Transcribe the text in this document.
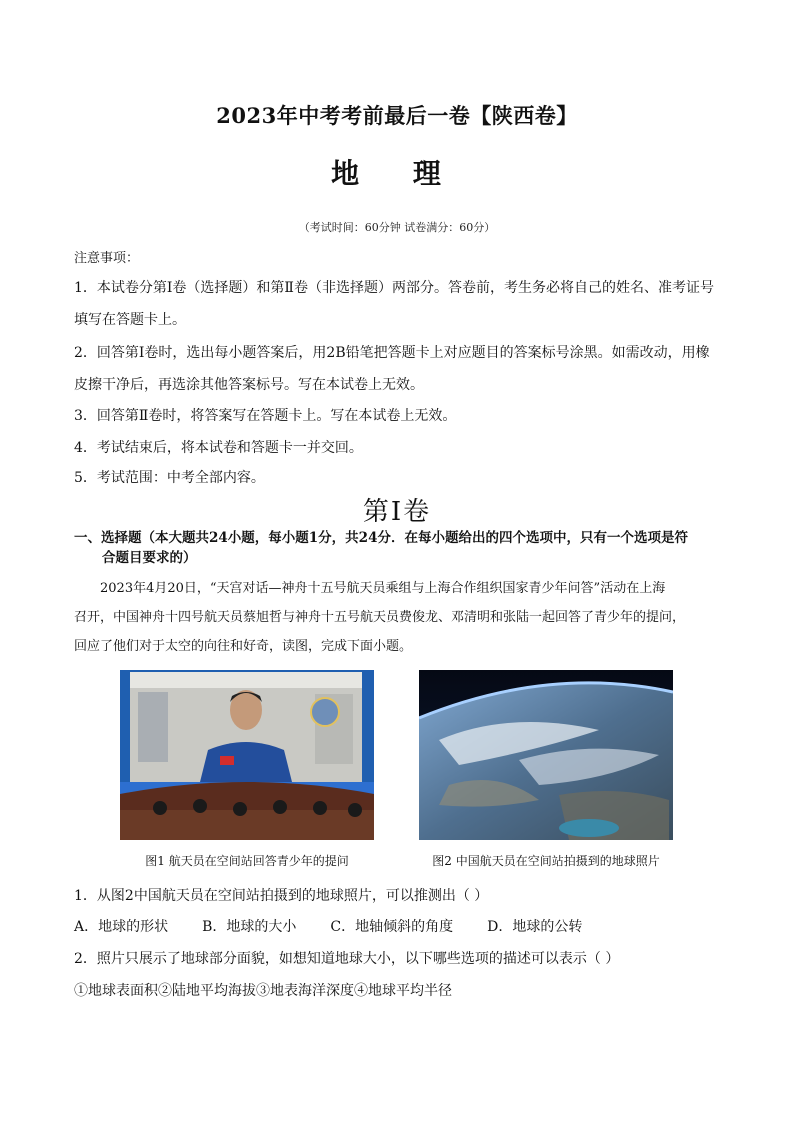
2023年中考考前最后一卷【陕西卷】
地 理
（考试时间：60分钟 试卷满分：60分）
注意事项：
1．本试卷分第Ⅰ卷（选择题）和第Ⅱ卷（非选择题）两部分。答卷前，考生务必将自己的姓名、准考证号
填写在答题卡上。
2．回答第Ⅰ卷时，选出每小题答案后，用2B铅笔把答题卡上对应题目的答案标号涂黑。如需改动，用橡
皮擦干净后，再选涂其他答案标号。写在本试卷上无效。
3．回答第Ⅱ卷时，将答案写在答题卡上。写在本试卷上无效。
4．考试结束后，将本试卷和答题卡一并交回。
5．考试范围：中考全部内容。
第Ⅰ卷
一、选择题（本大题共24小题，每小题1分，共24分．在每小题给出的四个选项中，只有一个选项是符
合题目要求的）
2023年4月20日，“天宫对话—神舟十五号航天员乘组与上海合作组织国家青少年问答”活动在上海
召开，中国神舟十四号航天员蔡旭哲与神舟十五号航天员费俊龙、邓清明和张陆一起回答了青少年的提问，
回应了他们对于太空的向往和好奇，读图，完成下面小题。
图1 航天员在空间站回答青少年的提问	图2 中国航天员在空间站拍摄到的地球照片
1．从图2中国航天员在空间站拍摄到的地球照片，可以推测出（ ）
A．地球的形状 B．地球的大小 C．地轴倾斜的角度 D．地球的公转
2．照片只展示了地球部分面貌，如想知道地球大小，以下哪些选项的描述可以表示（ ）
①地球表面积②陆地平均海拔③地表海洋深度④地球平均半径
